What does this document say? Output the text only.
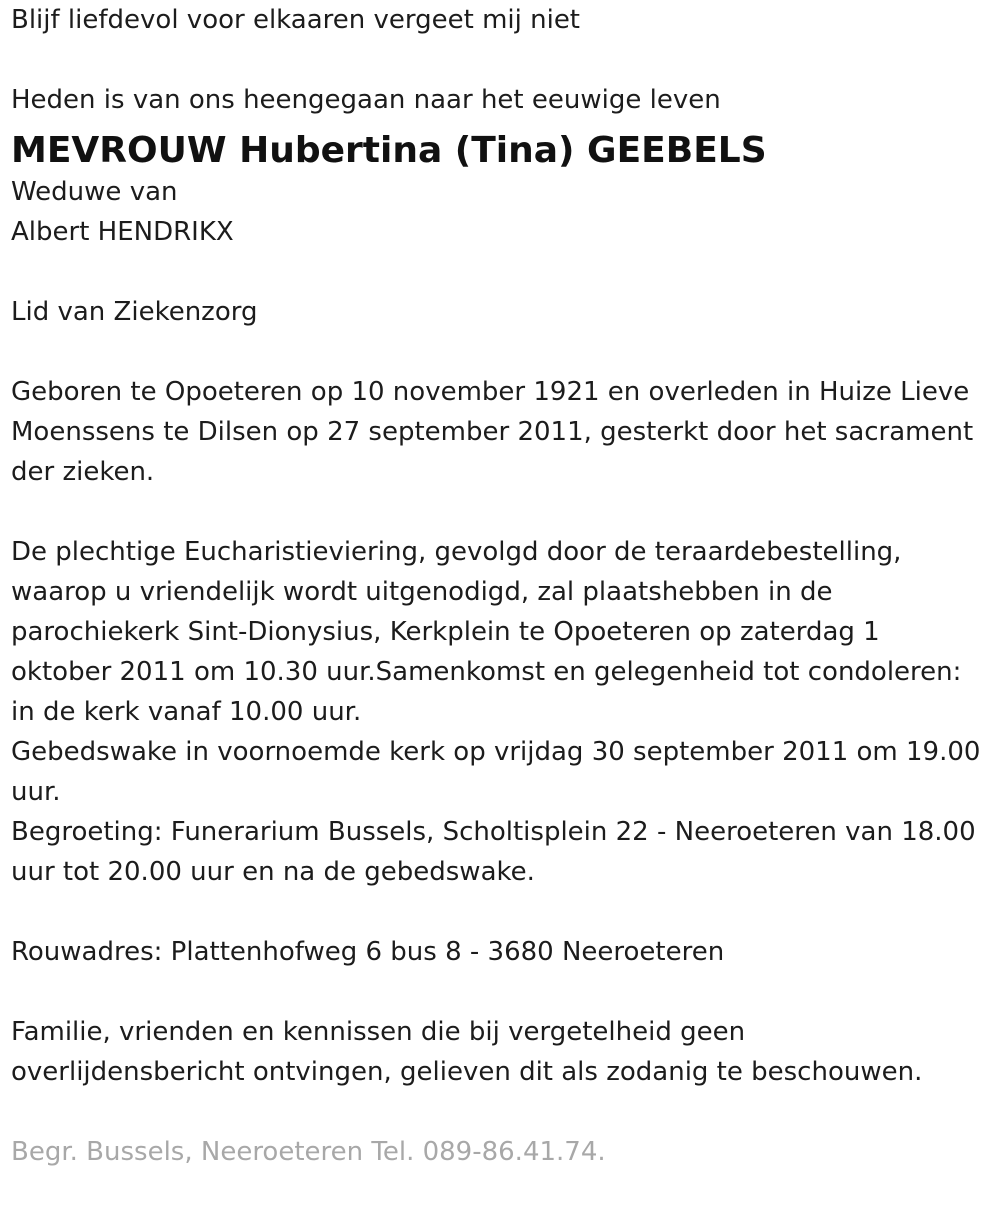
Blijf liefdevol voor elkaaren vergeet mij niet
Heden is van ons heengegaan naar het eeuwige leven
MEVROUW Hubertina (Tina) GEEBELS
Weduwe van
Albert HENDRIKX
Lid van Ziekenzorg
Geboren te Opoeteren op 10 november 1921 en overleden in Huize Lieve
Moenssens te Dilsen op 27 september 2011, gesterkt door het sacrament
der zieken.
De plechtige Eucharistieviering, gevolgd door de teraardebestelling,
waarop u vriendelijk wordt uitgenodigd, zal plaatshebben in de
parochiekerk Sint-Dionysius, Kerkplein te Opoeteren op zaterdag 1
oktober 2011 om 10.30 uur.Samenkomst en gelegenheid tot condoleren:
in de kerk vanaf 10.00 uur.
Gebedswake in voornoemde kerk op vrijdag 30 september 2011 om 19.00
uur.
Begroeting: Funerarium Bussels, Scholtisplein 22 - Neeroeteren van 18.00
uur tot 20.00 uur en na de gebedswake.
Rouwadres: Plattenhofweg 6 bus 8 - 3680 Neeroeteren
Familie, vrienden en kennissen die bij vergetelheid geen
overlijdensbericht ontvingen, gelieven dit als zodanig te beschouwen.
Begr. Bussels, Neeroeteren Tel. 089-86.41.74.
